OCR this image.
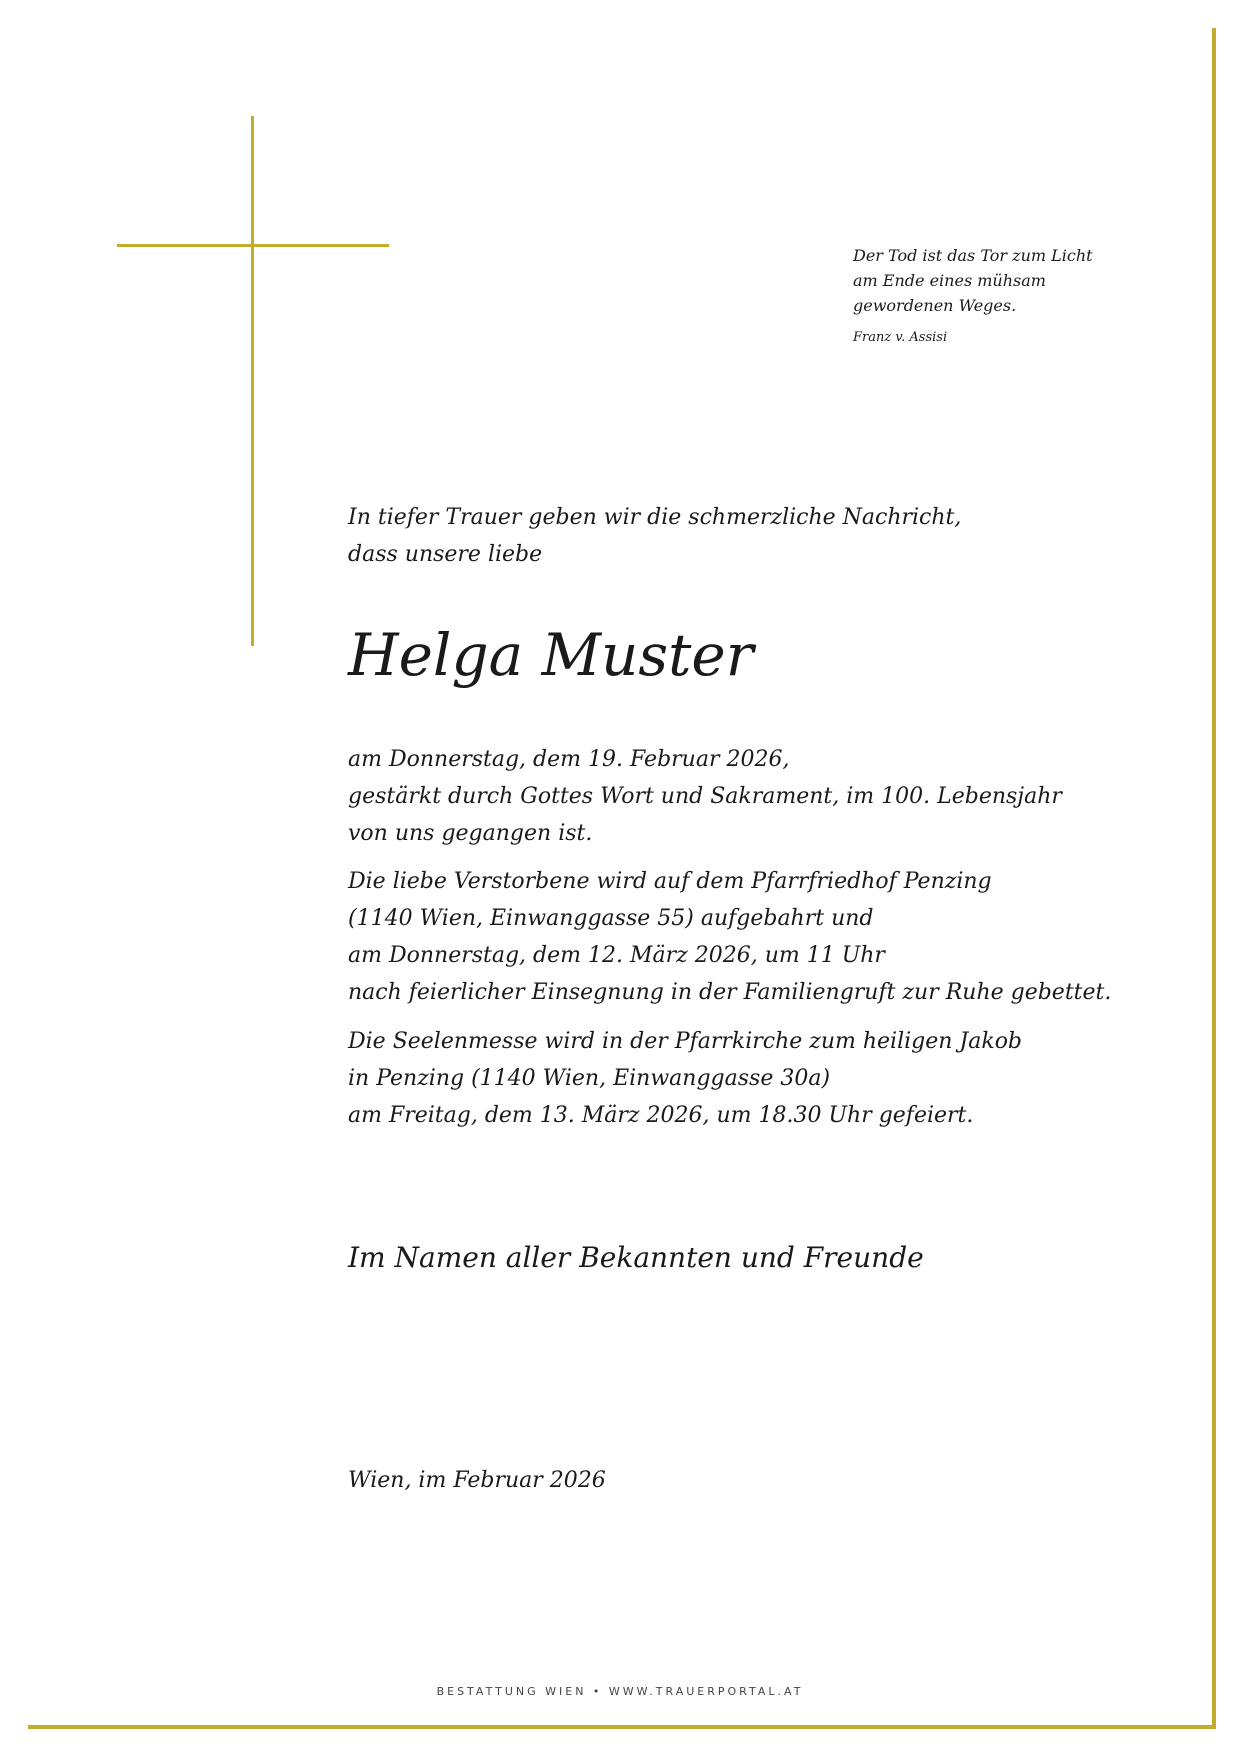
Der Tod ist das Tor zum Licht
am Ende eines mühsam
gewordenen Weges.
Franz v. Assisi
In tiefer Trauer geben wir die schmerzliche Nachricht,
dass unsere liebe
Helga Muster
am Donnerstag, dem 19. Februar 2026,
gestärkt durch Gottes Wort und Sakrament, im 100. Lebensjahr
von uns gegangen ist.
Die liebe Verstorbene wird auf dem Pfarrfriedhof Penzing
(1140 Wien, Einwanggasse 55) aufgebahrt und
am Donnerstag, dem 12. März 2026, um 11 Uhr
nach feierlicher Einsegnung in der Familiengruft zur Ruhe gebettet.
Die Seelenmesse wird in der Pfarrkirche zum heiligen Jakob
in Penzing (1140 Wien, Einwanggasse 30a)
am Freitag, dem 13. März 2026, um 18.30 Uhr gefeiert.
Im Namen aller Bekannten und Freunde
Wien, im Februar 2026
BESTATTUNG WIEN • WWW.TRAUERPORTAL.AT
